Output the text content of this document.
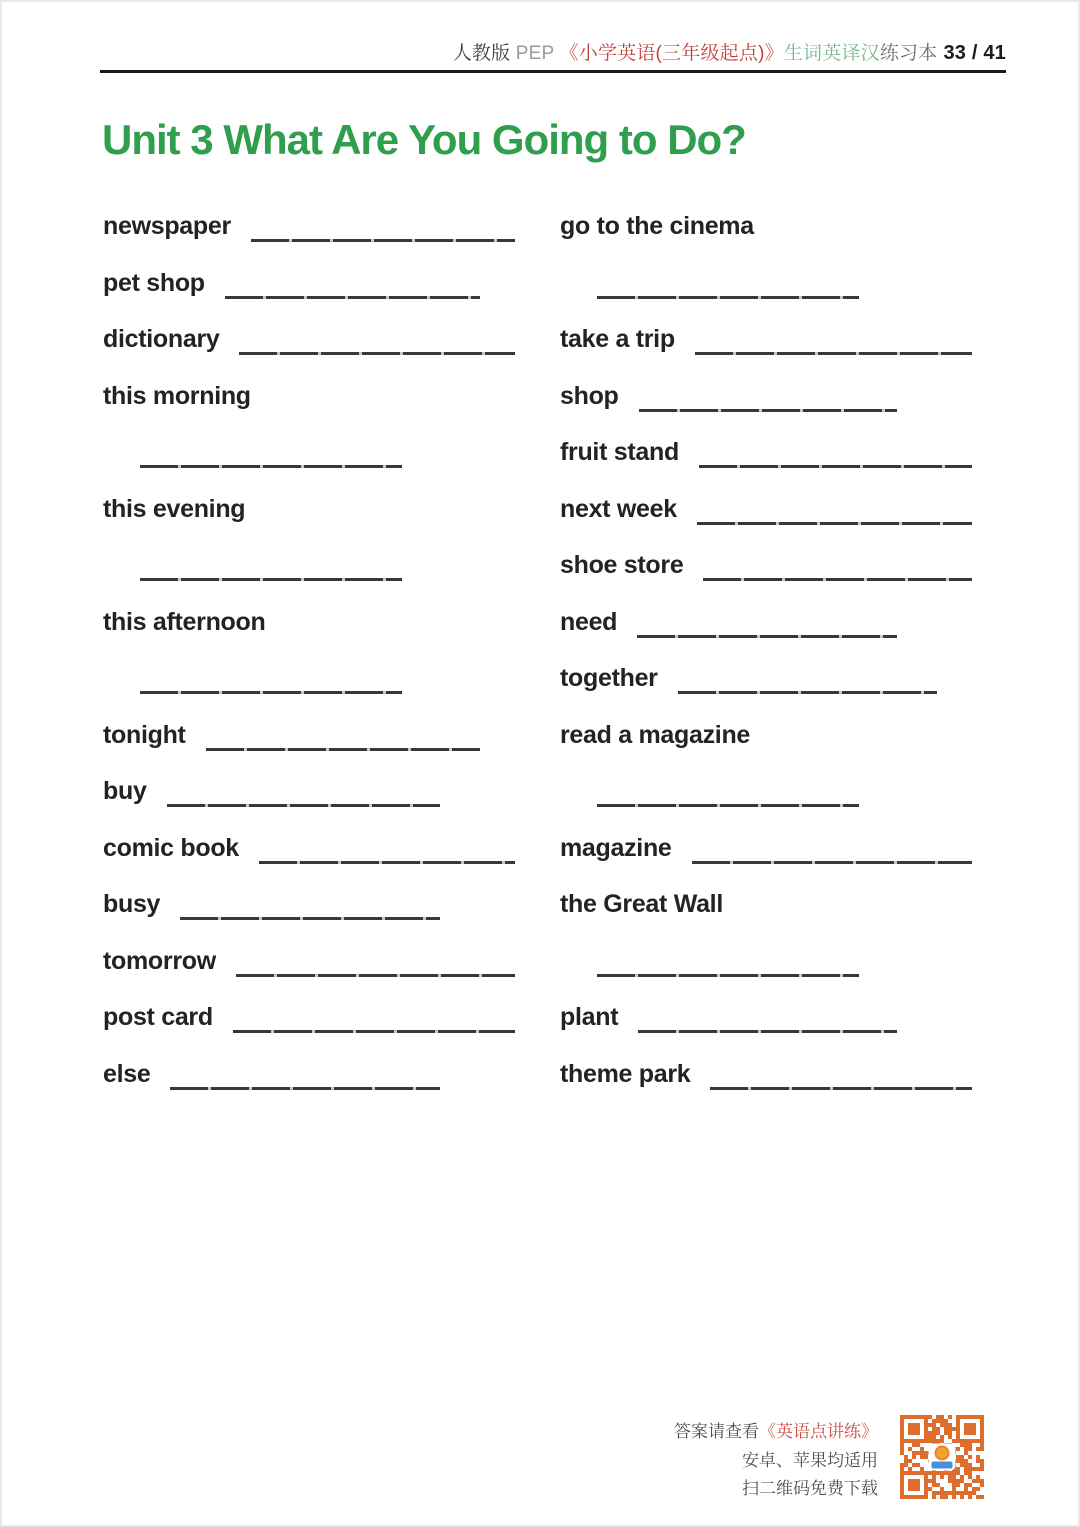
人教版 PEP 《小学英语(三年级起点)》生词英译汉练习本 33 / 41
Unit 3 What Are You Going to Do?
newspaper	go to the cinema
pet shop
dictionary	take a trip
this morning	shop
fruit stand
this evening	next week
shoe store
this afternoon	need
together
tonight	read a magazine
buy
comic book	magazine
busy	the Great Wall
tomorrow
post card	plant
else	theme park
答案请查看《英语点讲练》
安卓、苹果均适用
扫二维码免费下载
